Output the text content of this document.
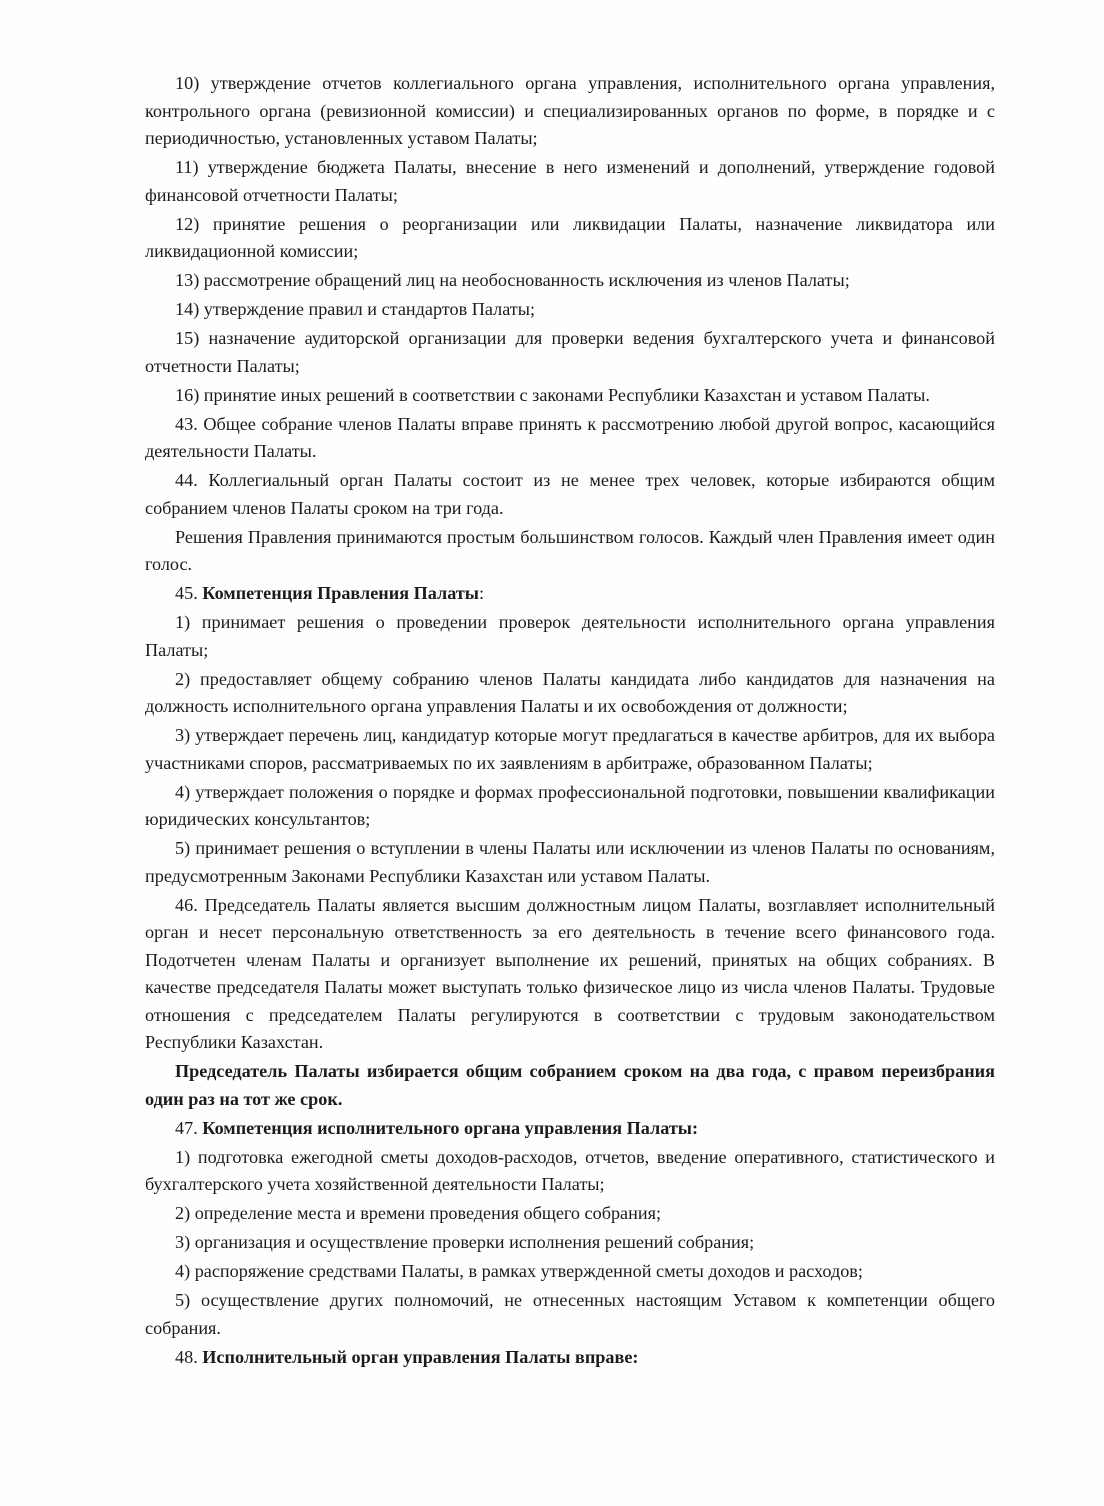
10) утверждение отчетов коллегиального органа управления, исполнительного органа управления, контрольного органа (ревизионной комиссии) и специализированных органов по форме, в порядке и с периодичностью, установленных уставом Палаты;

11) утверждение бюджета Палаты, внесение в него изменений и дополнений, утверждение годовой финансовой отчетности Палаты;

12) принятие решения о реорганизации или ликвидации Палаты, назначение ликвидатора или ликвидационной комиссии;

13) рассмотрение обращений лиц на необоснованность исключения из членов Палаты;

14) утверждение правил и стандартов Палаты;

15) назначение аудиторской организации для проверки ведения бухгалтерского учета и финансовой отчетности Палаты;

16) принятие иных решений в соответствии с законами Республики Казахстан и уставом Палаты.

43. Общее собрание членов Палаты вправе принять к рассмотрению любой другой вопрос, касающийся деятельности Палаты.

44. Коллегиальный орган Палаты состоит из не менее трех человек, которые избираются общим собранием членов Палаты сроком на три года.

Решения Правления принимаются простым большинством голосов. Каждый член Правления имеет один голос.

45. Компетенция Правления Палаты:

1) принимает решения о проведении проверок деятельности исполнительного органа управления Палаты;

2) предоставляет общему собранию членов Палаты кандидата либо кандидатов для назначения на должность исполнительного органа управления Палаты и их освобождения от должности;

3) утверждает перечень лиц, кандидатур которые могут предлагаться в качестве арбитров, для их выбора участниками споров, рассматриваемых по их заявлениям в арбитраже, образованном Палаты;

4) утверждает положения о порядке и формах профессиональной подготовки, повышении квалификации юридических консультантов;

5) принимает решения о вступлении в члены Палаты или исключении из членов Палаты по основаниям, предусмотренным Законами Республики Казахстан или уставом Палаты.

46. Председатель Палаты является высшим должностным лицом Палаты, возглавляет исполнительный орган и несет персональную ответственность за его деятельность в течение всего финансового года. Подотчетен членам Палаты и организует выполнение их решений, принятых на общих собраниях. В качестве председателя Палаты может выступать только физическое лицо из числа членов Палаты. Трудовые отношения с председателем Палаты регулируются в соответствии с трудовым законодательством Республики Казахстан.

Председатель Палаты избирается общим собранием сроком на два года, с правом переизбрания один раз на тот же срок.

47. Компетенция исполнительного органа управления Палаты:

1) подготовка ежегодной сметы доходов-расходов, отчетов, введение оперативного, статистического и бухгалтерского учета хозяйственной деятельности Палаты;

2) определение места и времени проведения общего собрания;

3) организация и осуществление проверки исполнения решений собрания;

4) распоряжение средствами Палаты, в рамках утвержденной сметы доходов и расходов;

5) осуществление других полномочий, не отнесенных настоящим Уставом к компетенции общего собрания.

48. Исполнительный орган управления Палаты вправе:
